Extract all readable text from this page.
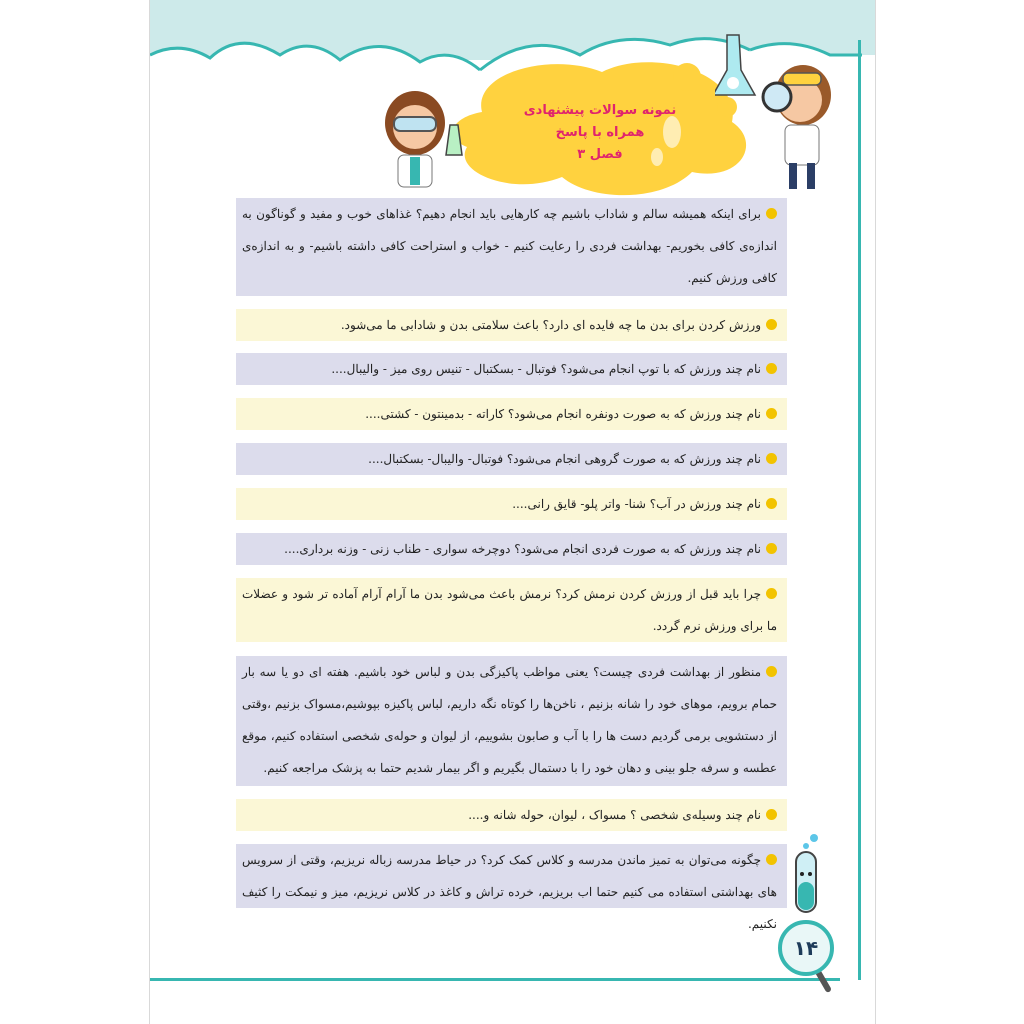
نمونه سوالات پیشنهادی
همراه با پاسخ
فصل ۳
۱۴

برای اینکه همیشه سالم و شاداب باشیم چه کارهایی باید انجام دهیم؟ غذاهای خوب و مفید و گوناگون به اندازه‌ی کافی بخوریم- بهداشت فردی را رعایت کنیم - خواب و استراحت کافی داشته باشیم- و به اندازه‌ی کافی ورزش کنیم.

ورزش کردن برای بدن ما چه فایده ای دارد؟ باعث سلامتی بدن و شادابی ما می‌شود.

نام چند ورزش که با توپ انجام می‌شود؟ فوتبال - بسکتبال - تنیس روی میز - والیبال....

نام چند ورزش که به صورت دونفره انجام می‌شود؟ کاراته - بدمینتون - کشتی....

نام چند ورزش که به صورت گروهی انجام می‌شود؟ فوتبال- والیبال- بسکتبال....

نام چند ورزش در آب؟ شنا- واتر پلو- قایق رانی....

نام چند ورزش که به صورت فردی انجام می‌شود؟ دوچرخه سواری - طناب زنی - وزنه برداری....

چرا باید قبل از ورزش کردن نرمش کرد؟ نرمش باعث می‌شود بدن ما آرام آرام آماده تر شود و عضلات ما برای ورزش نرم گردد.

منظور از بهداشت فردی چیست؟ یعنی مواظب پاکیزگی بدن و لباس خود باشیم. هفته ای دو یا سه بار حمام برویم، موهای خود را شانه بزنیم ، ناخن‌ها را کوتاه نگه داریم، لباس پاکیزه بپوشیم،مسواک بزنیم ،وقتی از دستشویی برمی گردیم دست ها را با آب و صابون بشوییم، از لیوان و حوله‌ی شخصی استفاده کنیم، موقع عطسه و سرفه جلو بینی و دهان خود را با دستمال بگیریم و اگر بیمار شدیم حتما به پزشک مراجعه کنیم.

نام چند وسیله‌ی شخصی ؟ مسواک ، لیوان، حوله شانه و....

چگونه می‌توان به تمیز ماندن مدرسه و کلاس کمک کرد؟ در حیاط مدرسه زباله نریزیم، وقتی از سرویس های بهداشتی استفاده می کنیم حتما اب بریزیم، خرده تراش و کاغذ در کلاس نریزیم، میز و نیمکت را کثیف نکنیم.
